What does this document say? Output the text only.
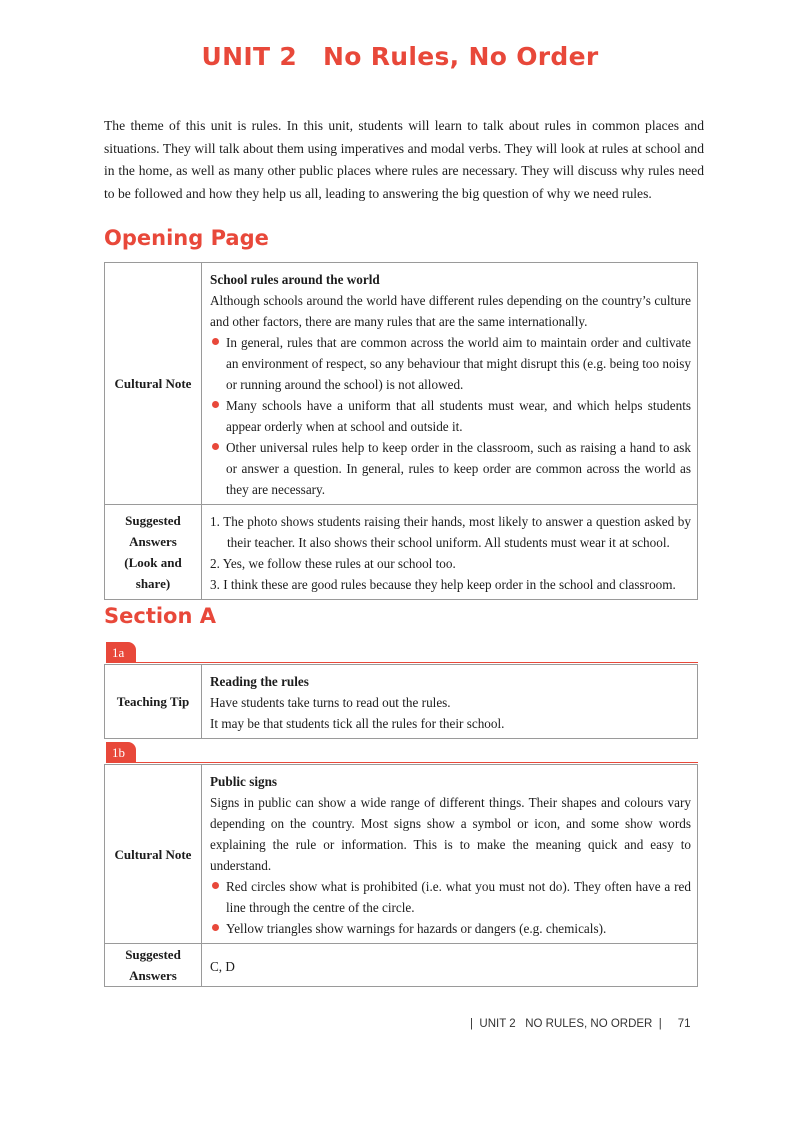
UNIT 2 No Rules, No Order
The theme of this unit is rules. In this unit, students will learn to talk about rules in common places and situations. They will talk about them using imperatives and modal verbs. They will look at rules at school and in the home, as well as many other public places where rules are necessary. They will discuss why rules need to be followed and how they help us all, leading to answering the big question of why we need rules.
Opening Page
Cultural Note
School rules around the world

Although schools around the world have different rules depending on the country’s culture and other factors, there are many rules that are the same internationally.

In general, rules that are common across the world aim to maintain order and cultivate an environment of respect, so any behaviour that might disrupt this (e.g. being too noisy or running around the school) is not allowed.
Many schools have a uniform that all students must wear, and which helps students appear orderly when at school and outside it.
Other universal rules help to keep order in the classroom, such as raising a hand to ask or answer a question. In general, rules to keep order are common across the world as they are necessary.
Suggested
Answers
(Look and
share)
1. The photo shows students raising their hands, most likely to answer a question asked by their teacher. It also shows their school uniform. All students must wear it at school.
2. Yes, we follow these rules at our school too.
3. I think these are good rules because they help keep order in the school and classroom.
Section A
1a
Teaching Tip
Reading the rules
Have students take turns to read out the rules.
It may be that students tick all the rules for their school.
1b
Cultural Note
Public signs

Signs in public can show a wide range of different things. Their shapes and colours vary depending on the country. Most signs show a symbol or icon, and some show words explaining the rule or information. This is to make the meaning quick and easy to understand.

Red circles show what is prohibited (i.e. what you must not do). They often have a red line through the centre of the circle.
Yellow triangles show warnings for hazards or dangers (e.g. chemicals).
Suggested
Answers
C, D
|  UNIT 2 NO RULES, NO ORDER  |     71
